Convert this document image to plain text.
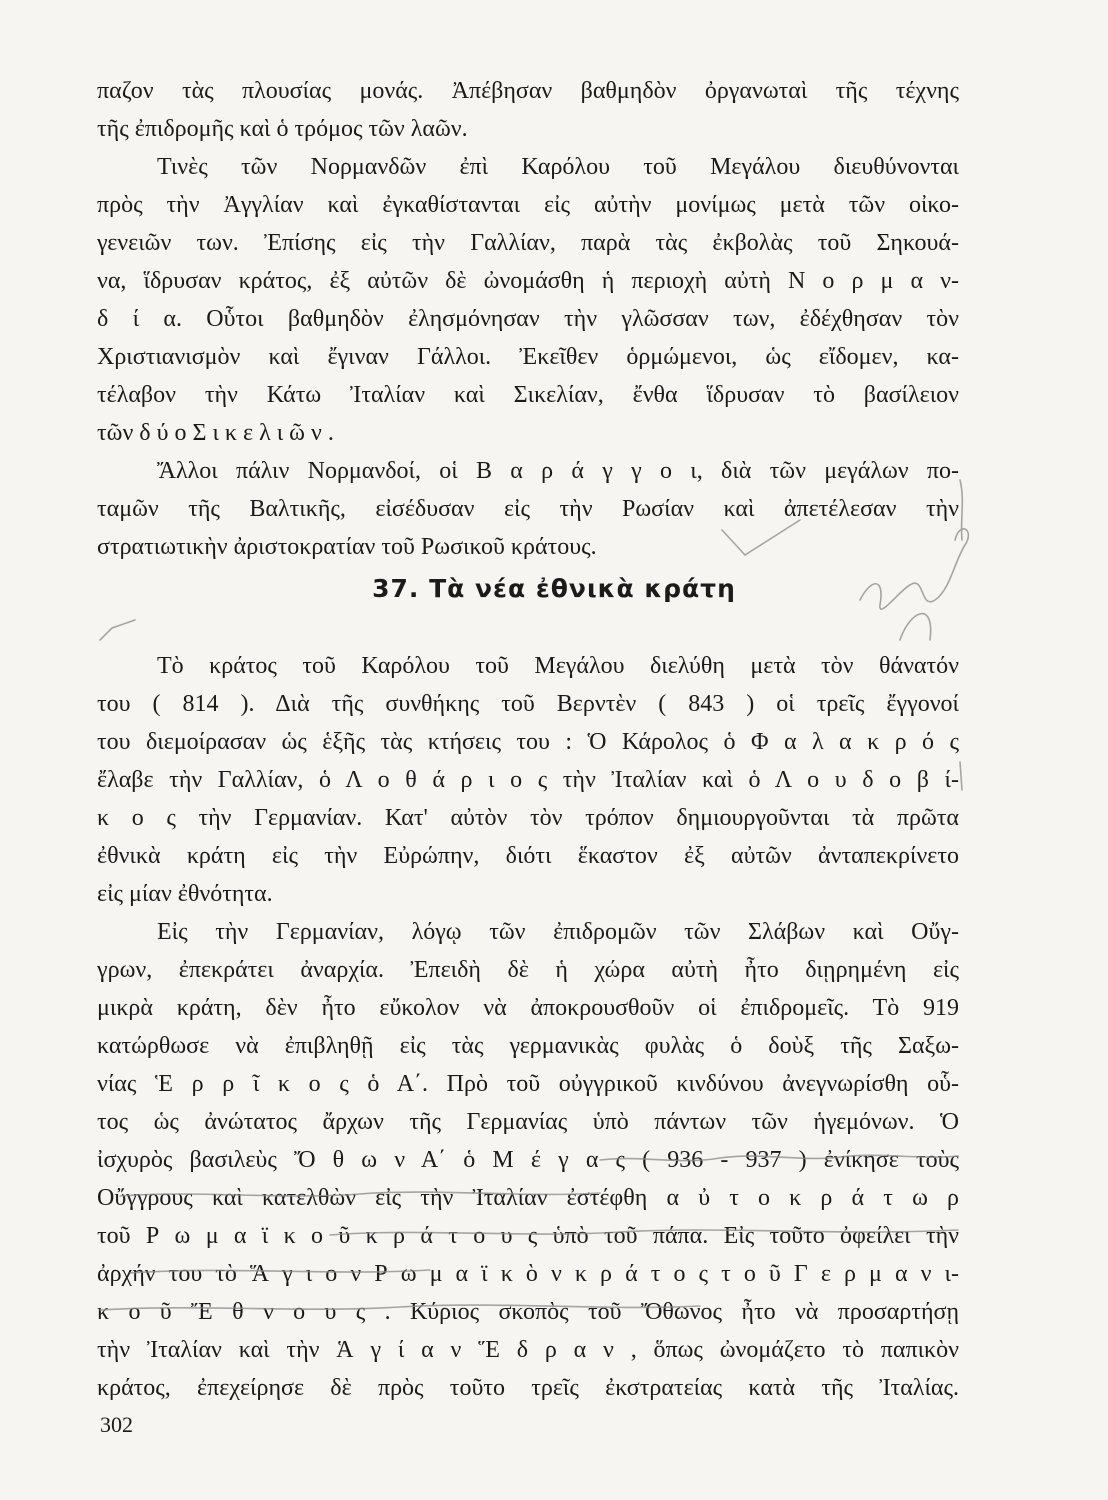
παζον τὰς πλουσίας μονάς. Ἀπέβησαν βαθμηδὸν ὀργανωταὶ τῆς τέχνης
τῆς ἐπιδρομῆς καὶ ὁ τρόμος τῶν λαῶν.
Τινὲς τῶν Νορμανδῶν ἐπὶ Καρόλου τοῦ Μεγάλου διευθύνονται
πρὸς τὴν Ἀγγλίαν καὶ ἐγκαθίστανται εἰς αὐτὴν μονίμως μετὰ τῶν οἰκο-
γενειῶν των. Ἐπίσης εἰς τὴν Γαλλίαν, παρὰ τὰς ἐκβολὰς τοῦ Σηκουά-
να, ἵδρυσαν κράτος, ἐξ αὐτῶν δὲ ὠνομάσθη ἡ περιοχὴ αὐτὴ Ν ο ρ μ α ν-
δ ί α. Οὗτοι βαθμηδὸν ἐλησμόνησαν τὴν γλῶσσαν των, ἐδέχθησαν τὸν
Χριστιανισμὸν καὶ ἔγιναν Γάλλοι. Ἐκεῖθεν ὁρμώμενοι, ὡς εἴδομεν, κα-
τέλαβον τὴν Κάτω Ἰταλίαν καὶ Σικελίαν, ἔνθα ἵδρυσαν τὸ βασίλειον
τῶν δ ύ ο Σ ι κ ε λ ι ῶ ν .
Ἄλλοι πάλιν Νορμανδοί, οἱ Β α ρ ά γ γ ο ι, διὰ τῶν μεγάλων πο-
ταμῶν τῆς Βαλτικῆς, εἰσέδυσαν εἰς τὴν Ρωσίαν καὶ ἀπετέλεσαν τὴν
στρατιωτικὴν ἀριστοκρατίαν τοῦ Ρωσικοῦ κράτους.
37. Τὰ νέα ἐθνικὰ κράτη
Τὸ κράτος τοῦ Καρόλου τοῦ Μεγάλου διελύθη μετὰ τὸν θάνατόν
του ( 814 ). Διὰ τῆς συνθήκης τοῦ Βερντὲν ( 843 ) οἱ τρεῖς ἔγγονοί
του διεμοίρασαν ὡς ἑξῆς τὰς κτήσεις του : Ὁ Κάρολος ὁ Φ α λ α κ ρ ό ς
ἔλαβε τὴν Γαλλίαν, ὁ Λ ο θ ά ρ ι ο ς τὴν Ἰταλίαν καὶ ὁ Λ ο υ δ ο β ί-
κ ο ς τὴν Γερμανίαν. Κατ' αὐτὸν τὸν τρόπον δημιουργοῦνται τὰ πρῶτα
ἐθνικὰ κράτη εἰς τὴν Εὐρώπην, διότι ἕκαστον ἐξ αὐτῶν ἀνταπεκρίνετο
εἰς μίαν ἐθνότητα.
Εἰς τὴν Γερμανίαν, λόγῳ τῶν ἐπιδρομῶν τῶν Σλάβων καὶ Οὔγ-
γρων, ἐπεκράτει ἀναρχία. Ἐπειδὴ δὲ ἡ χώρα αὐτὴ ἦτο διῃρημένη εἰς
μικρὰ κράτη, δὲν ἦτο εὔκολον νὰ ἀποκρουσθοῦν οἱ ἐπιδρομεῖς. Τὸ 919
κατώρθωσε νὰ ἐπιβληθῇ εἰς τὰς γερμανικὰς φυλὰς ὁ δοὺξ τῆς Σαξω-
νίας Ἑ ρ ρ ῖ κ ο ς ὁ Α΄. Πρὸ τοῦ οὐγγρικοῦ κινδύνου ἀνεγνωρίσθη οὗ-
τος ὡς ἀνώτατος ἄρχων τῆς Γερμανίας ὑπὸ πάντων τῶν ἡγεμόνων. Ὁ
ἰσχυρὸς βασιλεὺς Ὄ θ ω ν Α΄ ὁ Μ έ γ α ς ( 936 - 937 ) ἐνίκησε τοὺς
Οὔγγρους καὶ κατελθὼν εἰς τὴν Ἰταλίαν ἐστέφθη α ὐ τ ο κ ρ ά τ ω ρ
τοῦ Ρ ω μ α ϊ κ ο ῦ κ ρ ά τ ο υ ς ὑπὸ τοῦ πάπα. Εἰς τοῦτο ὀφείλει τὴν
ἀρχήν του τὸ Ἅ γ ι ο ν Ρ ω μ α ϊ κ ὸ ν κ ρ ά τ ο ς τ ο ῦ Γ ε ρ μ α ν ι-
κ ο ῦ Ἔ θ ν ο υ ς . Κύριος σκοπὸς τοῦ Ὄθωνος ἦτο νὰ προσαρτήσῃ
τὴν Ἰταλίαν καὶ τὴν Ἁ γ ί α ν Ἕ δ ρ α ν , ὅπως ὠνομάζετο τὸ παπικὸν
κράτος, ἐπεχείρησε δὲ πρὸς τοῦτο τρεῖς ἐκστρατείας κατὰ τῆς Ἰταλίας.
302
